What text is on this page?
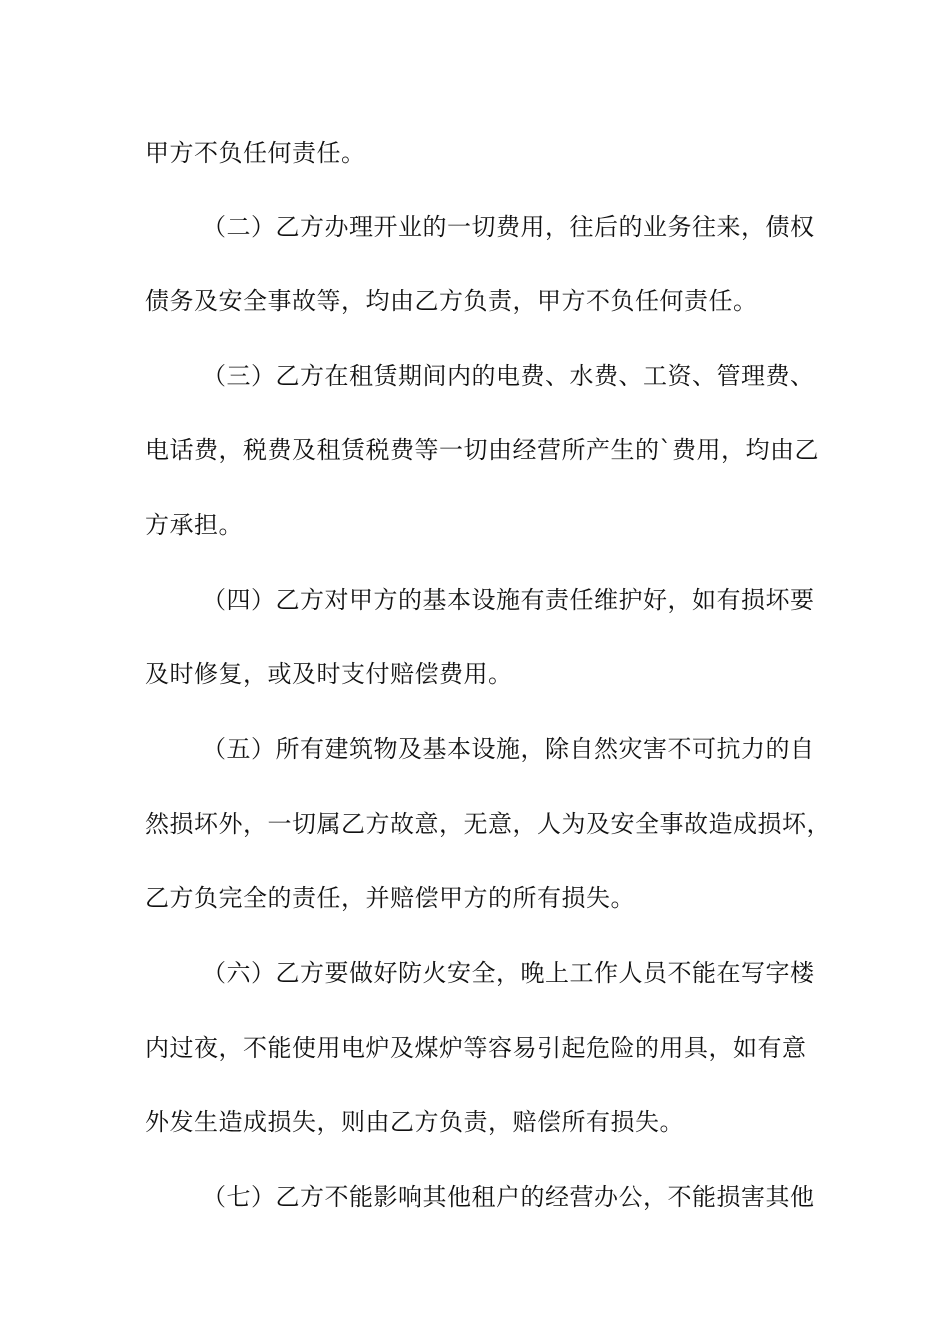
甲方不负任何责任。
（二）乙方办理开业的一切费用，往后的业务往来，债权
债务及安全事故等，均由乙方负责，甲方不负任何责任。
（三）乙方在租赁期间内的电费、水费、工资、管理费、
电话费，税费及租赁税费等一切由经营所产生的`费用，均由乙
方承担。
（四）乙方对甲方的基本设施有责任维护好，如有损坏要
及时修复，或及时支付赔偿费用。
（五）所有建筑物及基本设施，除自然灾害不可抗力的自
然损坏外，一切属乙方故意，无意，人为及安全事故造成损坏，
乙方负完全的责任，并赔偿甲方的所有损失。
（六）乙方要做好防火安全，晚上工作人员不能在写字楼
内过夜，不能使用电炉及煤炉等容易引起危险的用具，如有意
外发生造成损失，则由乙方负责，赔偿所有损失。
（七）乙方不能影响其他租户的经营办公，不能损害其他
